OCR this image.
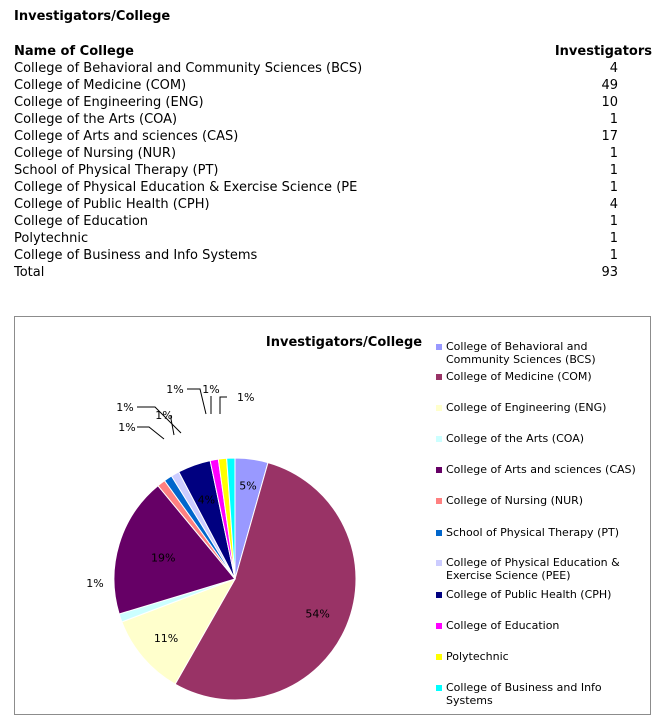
Investigators/College
Name of College	Investigators
College of Behavioral and Community Sciences (BCS)	4
College of Medicine (COM)	49
College of Engineering (ENG)	10
College of the Arts (COA)	1
College of Arts and sciences (CAS)	17
College of Nursing (NUR)	1
School of Physical Therapy (PT)	1
College of Physical Education & Exercise Science (PE	1
College of Public Health (CPH)	4
College of Education	1
Polytechnic	1
College of Business and Info Systems	1
Total	93
Investigators/College
5%
54%
11%
1%
19%
1%
1%
1%
4%
1% 1%
1%
College of Behavioral and Community Sciences (BCS)
College of Medicine (COM)
College of Engineering (ENG)
College of the Arts (COA)
College of Arts and sciences (CAS)
College of Nursing (NUR)
School of Physical Therapy (PT)
College of Physical Education & Exercise Science (PEE)
College of Public Health (CPH)
College of Education
Polytechnic
College of Business and Info Systems
